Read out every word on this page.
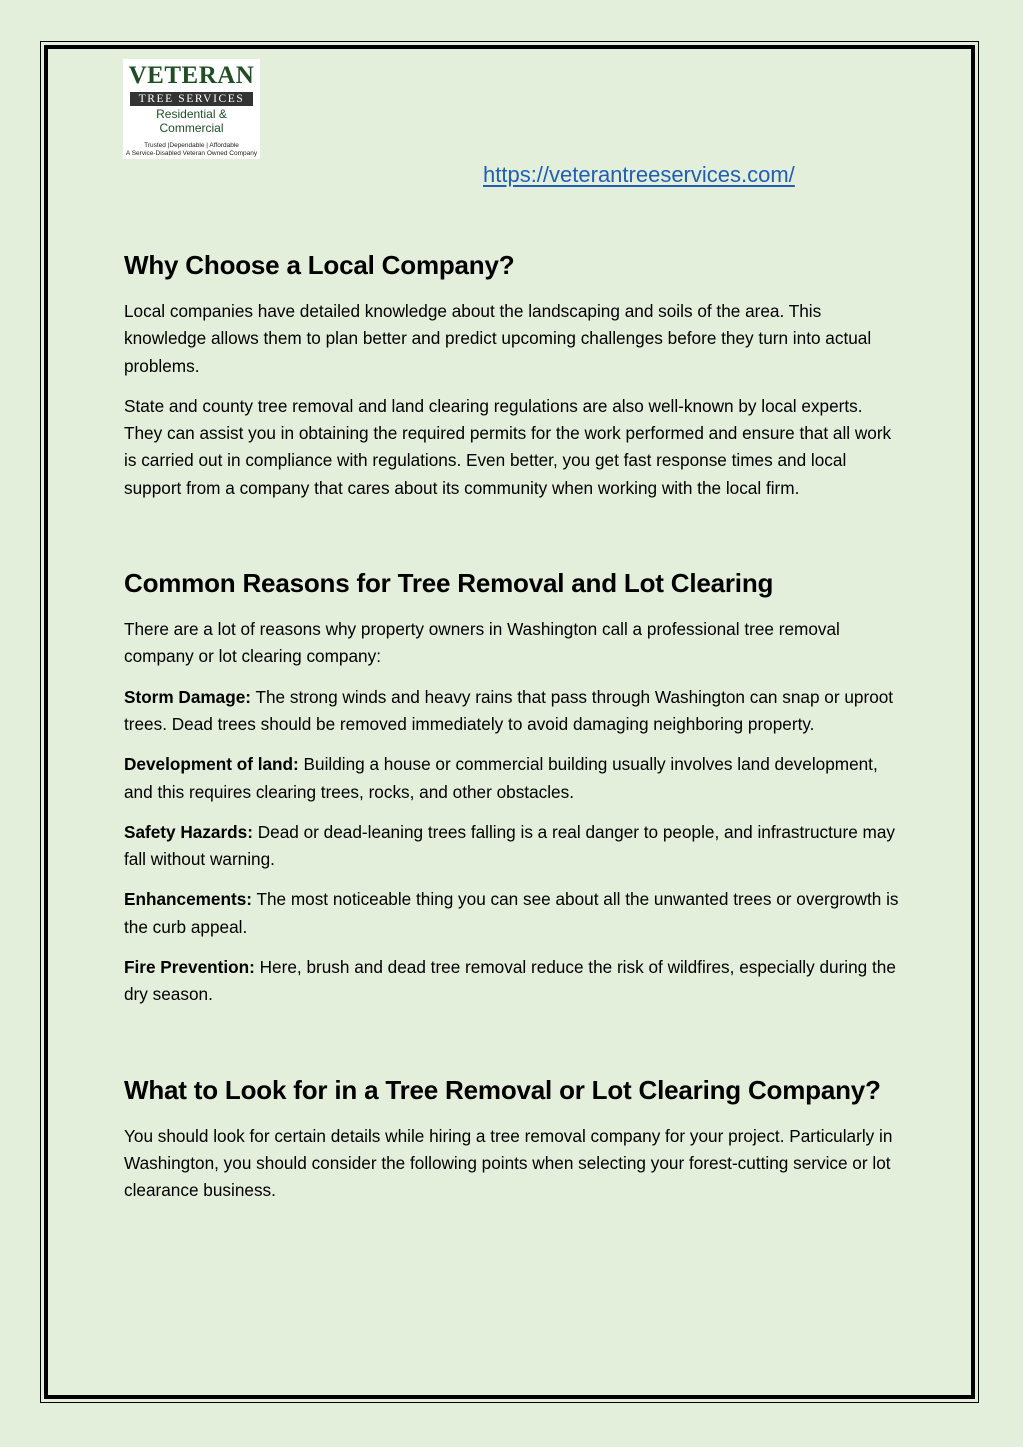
VETERAN
TREE SERVICES
Residential & Commercial
Trusted |Dependable | Affordable
A Service-Disabled Veteran Owned Company
https://veterantreeservices.com/
Why Choose a Local Company?

Local companies have detailed knowledge about the landscaping and soils of the area. This knowledge allows them to plan better and predict upcoming challenges before they turn into actual problems.

State and county tree removal and land clearing regulations are also well-known by local experts. They can assist you in obtaining the required permits for the work performed and ensure that all work is carried out in compliance with regulations. Even better, you get fast response times and local support from a company that cares about its community when working with the local firm.

Common Reasons for Tree Removal and Lot Clearing

There are a lot of reasons why property owners in Washington call a professional tree removal company or lot clearing company:

Storm Damage: The strong winds and heavy rains that pass through Washington can snap or uproot trees. Dead trees should be removed immediately to avoid damaging neighboring property.

Development of land: Building a house or commercial building usually involves land development, and this requires clearing trees, rocks, and other obstacles.

Safety Hazards: Dead or dead-leaning trees falling is a real danger to people, and infrastructure may fall without warning.

Enhancements: The most noticeable thing you can see about all the unwanted trees or overgrowth is the curb appeal.

Fire Prevention: Here, brush and dead tree removal reduce the risk of wildfires, especially during the dry season.

What to Look for in a Tree Removal or Lot Clearing Company?

You should look for certain details while hiring a tree removal company for your project. Particularly in Washington, you should consider the following points when selecting your forest-cutting service or lot clearance business.
